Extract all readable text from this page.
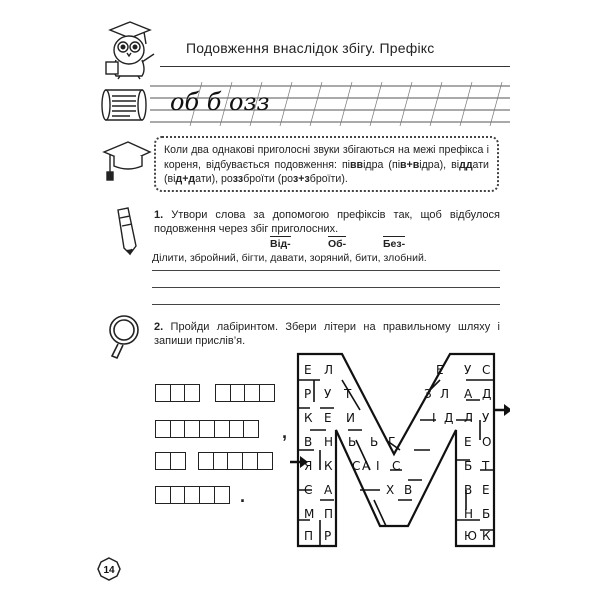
Подовження внаслідок збігу. Префікс
об б озз
Коли два однакові приголосні звуки збігаються на межі префікса і кореня, відбувається подовження: піввідра (пів+відра), віддати (від+дати), роззброїти (роз+зброїти).
1. Утвори слова за допомогою префіксів так, щоб відбулося подовження через збіг приголосних.
Від-	Об-	Без-
Ділити, збройний, бігти, давати, зоряний, бити, злобний.
2. Пройди лабіринтом. Збери літери на правильному шляху і запиши прислів’я.
,
.
Е Л
Р У Т
К Е И
В Н
Я К
С А
М П
П Р
Ь
С
Ь Г
І
А С
Х В
З
Е
Л
І Д
У С
А Д
Л У
Е О
Б Т
В Е
Н Б
Ю К
14
